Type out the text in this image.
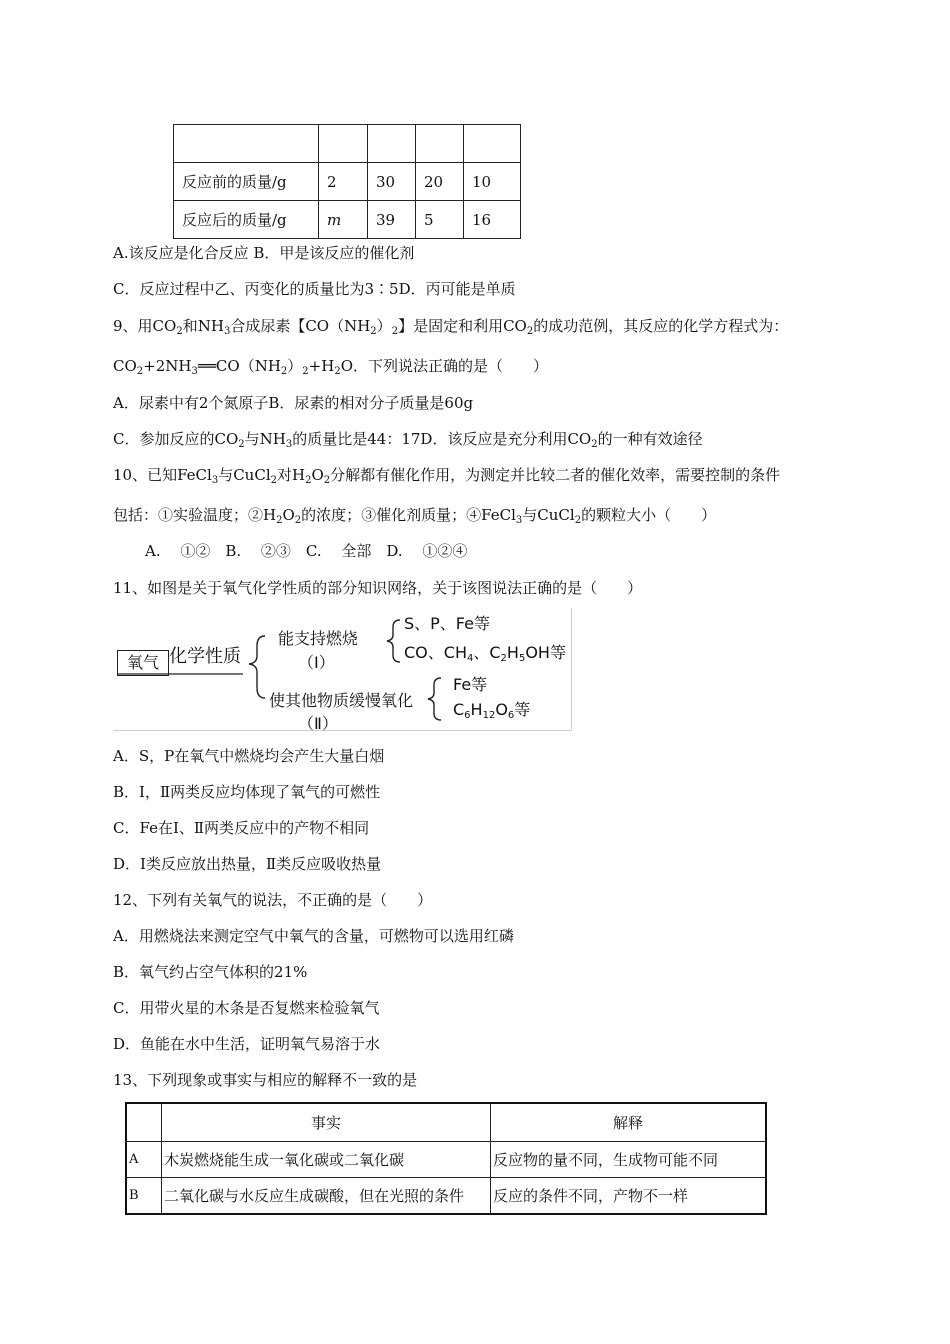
反应前的质量/g	2	30	20	10
反应后的质量/g	m	39	5	16
A.该反应是化合反应 B．甲是该反应的催化剂
C．反应过程中乙、丙变化的质量比为3∶5D．丙可能是单质
9、用$CO_2$和$NH_3$合成尿素【$CO(NH_2)_2$】是固定和利用$CO_2$的成功范例，其反应的化学方程式为：
$CO_2+2NH_3══CO(NH_2)_2+H_2O$．下列说法正确的是（　　）
A．尿素中有2个氮原子B．尿素的相对分子质量是60g
C．参加反应的$CO_2$与$NH_3$的质量比是44：17D．该反应是充分利用$CO_2$的一种有效途径
10、已知FeCl$_3$与CuCl$_2$对$H_2O_2$分解都有催化作用，为测定并比较二者的催化效率，需要控制的条件
包括：①实验温度；$②H_2O_2$的浓度；③催化剂质量；④FeCl$_3$与CuCl$_2$的颗粒大小（　　）
A.　 ①②　B.　 ②③　C.　 全部　D.　 ①②④
11、如图是关于氧气化学性质的部分知识网络，关于该图说法正确的是（　　）
氧气 化学性质
能支持燃烧
（Ⅰ）
S、P、Fe等
CO、$CH_4$、$C_2H_5OH$等
使其他物质缓慢氧化
（Ⅱ）
Fe等
$C_6H_{12}O_6$等
A．S，P在氧气中燃烧均会产生大量白烟
B．Ⅰ，Ⅱ两类反应均体现了氧气的可燃性
C．Fe在Ⅰ、Ⅱ两类反应中的产物不相同
D．Ⅰ类反应放出热量，Ⅱ类反应吸收热量
12、下列有关氧气的说法，不正确的是（　　）
A．用燃烧法来测定空气中氧气的含量，可燃物可以选用红磷
B．氧气约占空气体积的21%
C．用带火星的木条是否复燃来检验氧气
D．鱼能在水中生活，证明氧气易溶于水
13、下列现象或事实与相应的解释不一致的是
	事实	解释
A	木炭燃烧能生成一氧化碳或二氧化碳	反应物的量不同，生成物可能不同
B	二氧化碳与水反应生成碳酸，但在光照的条件	反应的条件不同，产物不一样
